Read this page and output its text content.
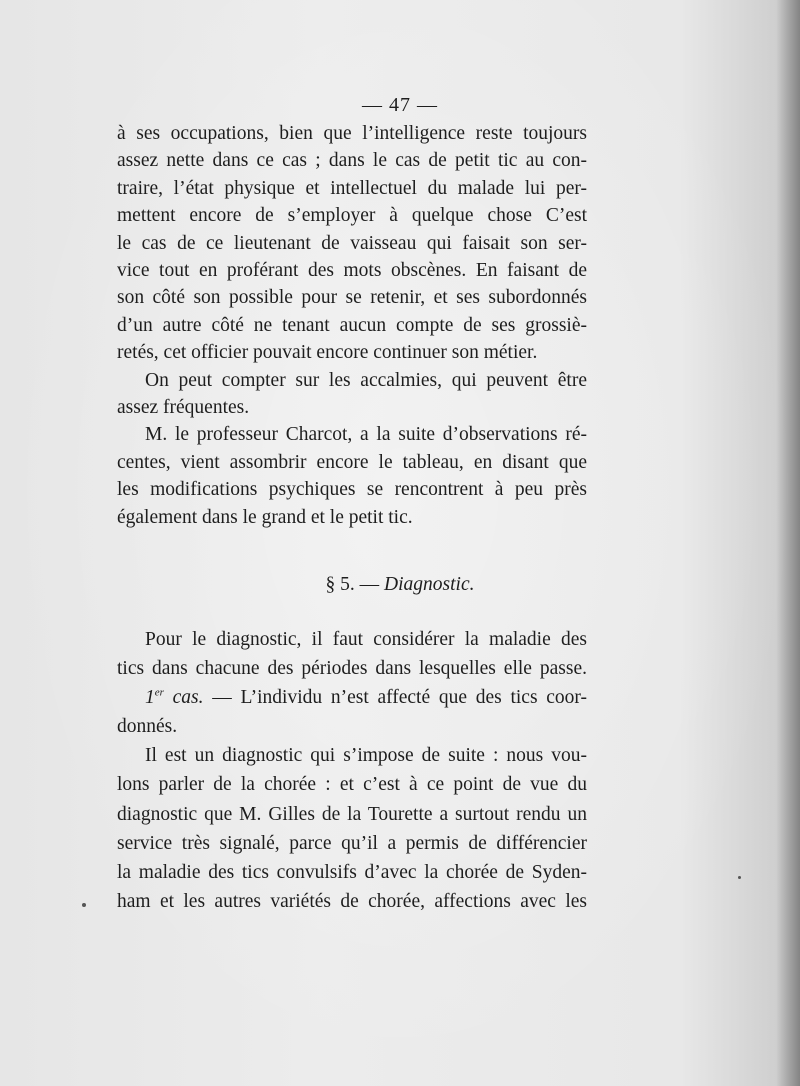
— 47 —
à ses occupations, bien que l’intelligence reste toujours
assez nette dans ce cas ; dans le cas de petit tic au con-
traire, l’état physique et intellectuel du malade lui per-
mettent encore de s’employer à quelque chose C’est
le cas de ce lieutenant de vaisseau qui faisait son ser-
vice tout en proférant des mots obscènes. En faisant de
son côté son possible pour se retenir, et ses subordonnés
d’un autre côté ne tenant aucun compte de ses grossiè-
retés, cet officier pouvait encore continuer son métier.
On peut compter sur les accalmies, qui peuvent être
assez fréquentes.
M. le professeur Charcot, a la suite d’observations ré-
centes, vient assombrir encore le tableau, en disant que
les modifications psychiques se rencontrent à peu près
également dans le grand et le petit tic.
§ 5. — Diagnostic.
Pour le diagnostic, il faut considérer la maladie des
tics dans chacune des périodes dans lesquelles elle passe.
1er cas. — L’individu n’est affecté que des tics coor-
donnés.
Il est un diagnostic qui s’impose de suite : nous vou-
lons parler de la chorée : et c’est à ce point de vue du
diagnostic que M. Gilles de la Tourette a surtout rendu un
service très signalé, parce qu’il a permis de différencier
la maladie des tics convulsifs d’avec la chorée de Syden-
ham et les autres variétés de chorée, affections avec les
